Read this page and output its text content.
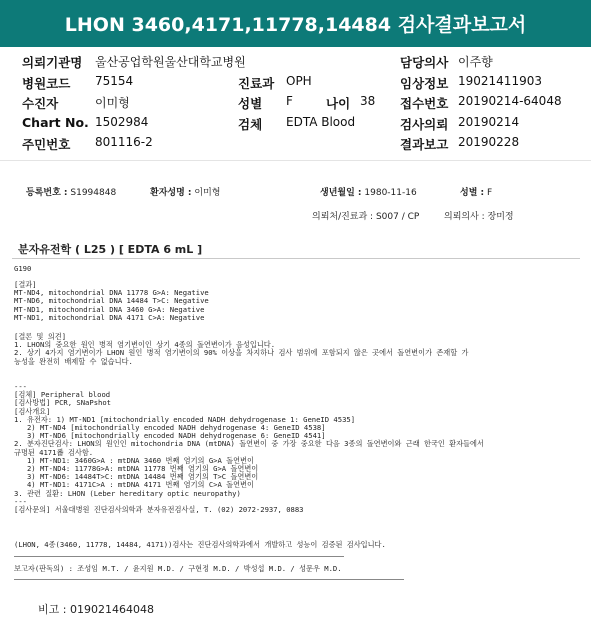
LHON 3460,4171,11778,14484 검사결과보고서
의뢰기관명 울산공업학원울산대학교병원	담당의사 이주향
병원코드 75154	진료과 OPH	임상정보 19021411903
수진자	이미형	성별 F	나이 38 접수번호 20190214-64048
Chart No. 1502984	검체 EDTA Blood	검사의뢰 20190214
주민번호 801116-2	결과보고 20190228
등록번호 : S1994848	환자성명 : 이미형	생년월일 : 1980-11-16	성별 : F
의뢰처/진료과 : S007 / CP	의뢰의사 : 장미정
분자유전학 ( L25 ) [ EDTA 6 mL ]
G190
[결과]
MT-ND4, mitochondrial DNA 11778 G>A: Negative
MT-ND6, mitochondrial DNA 14484 T>C: Negative
MT-ND1, mitochondrial DNA 3460 G>A: Negative
MT-ND1, mitochondrial DNA 4171 C>A: Negative
[결론 및 의견]
1. LHON의 중요한 원인 병적 염기변이인 상기 4종의 돌연변이가 음성입니다.
2. 상기 4가지 염기변이가 LHON 원인 병적 염기변이의 90% 이상을 차지하나 검사 범위에 포함되지 않은 곳에서 돌연변이가 존재할 가
능성을 완전히 배제할 수 없습니다.
---
[검체] Peripheral blood
[검사방법] PCR, SNaPshot
[검사개요]
1. 유전자: 1) MT-ND1 [mitochondrially encoded NADH dehydrogenase 1: GeneID 4535]
2) MT-ND4 [mitochondrially encoded NADH dehydrogenase 4: GeneID 4538]
3) MT-ND6 [mitochondrially encoded NADH dehydrogenase 6: GeneID 4541]
2. 분자진단검사: LHON의 원인인 mitochondria DNA (mtDNA) 돌연변이 중 가장 중요한 다음 3종의 돌연변이와 근래 한국인 환자들에서
규명된 4171番 검사함.
1) MT-ND1: 3460G>A : mtDNA 3460 번째 염기의 G>A 돌연변이
2) MT-ND4: 11778G>A: mtDNA 11778 번째 염기의 G>A 돌연변이
3) MT-ND6: 14484T>C: mtDNA 14484 번째 염기의 T>C 돌연변이
4) MT-ND1: 4171C>A : mtDNA 4171 번째 염기의 C>A 돌연변이
3. 관련 질환: LHON (Leber hereditary optic neuropathy)
---
[검사문의] 서울대병원 진단검사의학과 분자유전검사실, T. (02) 2072-2937, 0883
(LHON, 4종(3460, 11778, 14484, 4171))검사는 진단검사의학과에서 개발하고 성능이 검증된 검사입니다.
보고자(판독의) : 조성임 M.T. / 윤지원 M.D. / 구현정 M.D. / 박성섭 M.D. / 성문우 M.D.
비고 : 019021464048
